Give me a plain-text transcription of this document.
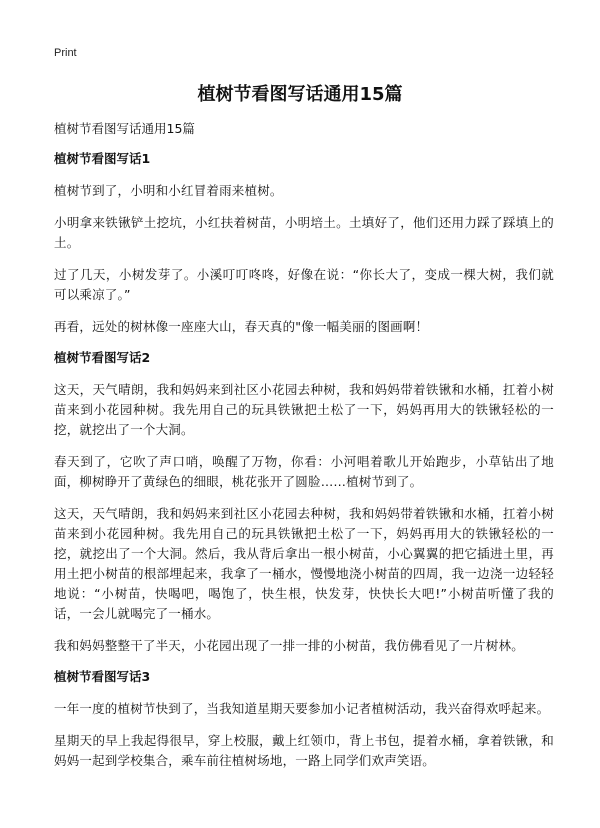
Print
植树节看图写话通用15篇
植树节看图写话通用15篇
植树节看图写话1

植树节到了，小明和小红冒着雨来植树。

小明拿来铁锹铲土挖坑，小红扶着树苗，小明培土。土填好了，他们还用力踩了踩填上的土。

过了几天，小树发芽了。小溪叮叮咚咚，好像在说：“你长大了，变成一棵大树，我们就可以乘凉了。”

再看，远处的树林像一座座大山，春天真的"像一幅美丽的图画啊！

植树节看图写话2

这天，天气晴朗，我和妈妈来到社区小花园去种树，我和妈妈带着铁锹和水桶，扛着小树苗来到小花园种树。我先用自己的玩具铁锹把土松了一下，妈妈再用大的铁锹轻松的一挖，就挖出了一个大洞。

春天到了，它吹了声口哨，唤醒了万物，你看：小河唱着歌儿开始跑步，小草钻出了地面，柳树睁开了黄绿色的细眼，桃花张开了圆脸……植树节到了。

这天，天气晴朗，我和妈妈来到社区小花园去种树，我和妈妈带着铁锹和水桶，扛着小树苗来到小花园种树。我先用自己的玩具铁锹把土松了一下，妈妈再用大的铁锹轻松的一挖，就挖出了一个大洞。然后，我从背后拿出一根小树苗，小心翼翼的把它插进土里，再用土把小树苗的根部埋起来，我拿了一桶水，慢慢地浇小树苗的四周，我一边浇一边轻轻地说：“小树苗，快喝吧，喝饱了，快生根，快发芽，快快长大吧!”小树苗听懂了我的话，一会儿就喝完了一桶水。

我和妈妈整整干了半天，小花园出现了一排一排的小树苗，我仿佛看见了一片树林。

植树节看图写话3

一年一度的植树节快到了，当我知道星期天要参加小记者植树活动，我兴奋得欢呼起来。

星期天的早上我起得很早，穿上校服，戴上红领巾，背上书包，提着水桶，拿着铁锹，和妈妈一起到学校集合，乘车前往植树场地，一路上同学们欢声笑语。
